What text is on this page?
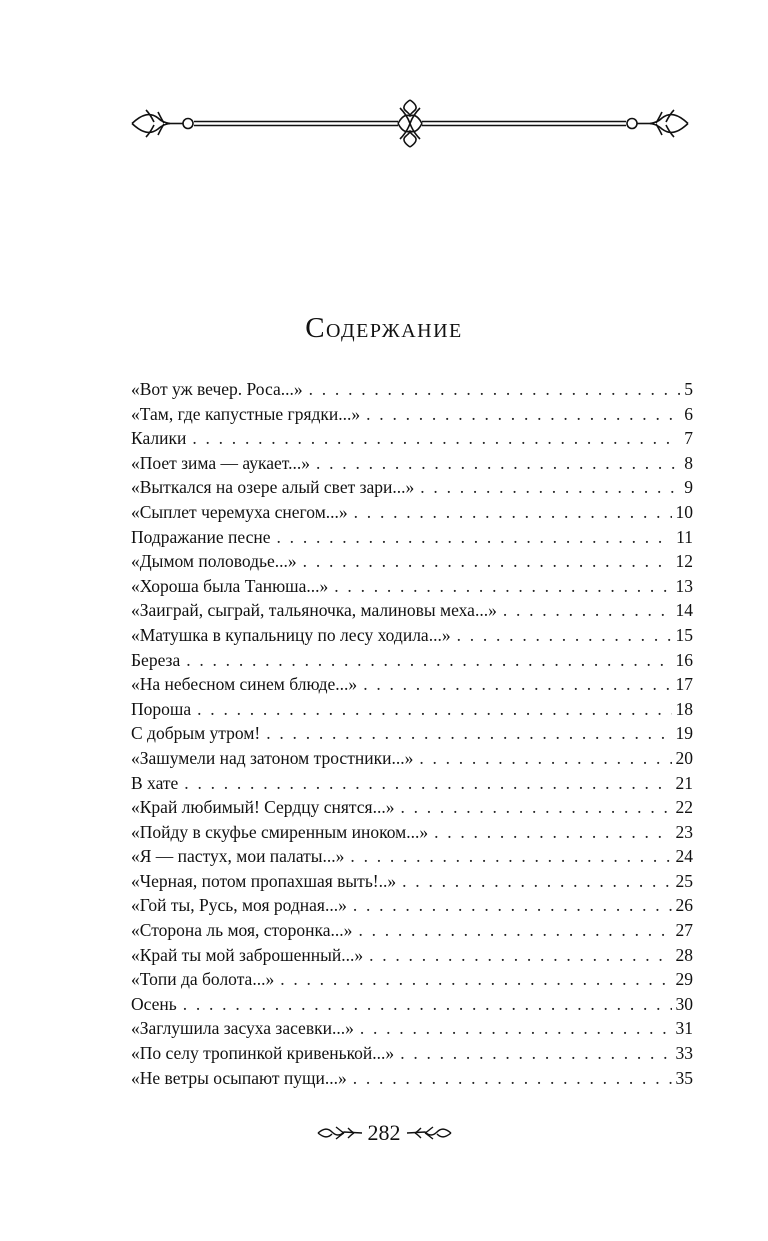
Содержание
«Вот уж вечер. Роса...» . . .	5
«Там, где капустные грядки...» . . .	6
Калики . . .	7
«Поет зима — аукает...» . . .	8
«Выткался на озере алый свет зари...» . . .	9
«Сыплет черемуха снегом...» . . .	10
Подражание песне . . .	11
«Дымом половодье...» . . .	12
«Хороша была Танюша...» . . .	13
«Заиграй, сыграй, тальяночка, малиновы меха...» . . .	14
«Матушка в купальницу по лесу ходила...» . . .	15
Береза . . .	16
«На небесном синем блюде...» . . .	17
Пороша . . .	18
С добрым утром! . . .	19
«Зашумели над затоном тростники...» . . .	20
В хате . . .	21
«Край любимый! Сердцу снятся...» . . .	22
«Пойду в скуфье смиренным иноком...» . . .	23
«Я — пастух, мои палаты...» . . .	24
«Черная, потом пропахшая выть!..» . . .	25
«Гой ты, Русь, моя родная...» . . .	26
«Сторона ль моя, сторонка...» . . .	27
«Край ты мой заброшенный...» . . .	28
«Топи да болота...» . . .	29
Осень . . .	30
«Заглушила засуха засевки...» . . .	31
«По селу тропинкой кривенькой...» . . .	33
«Не ветры осыпают пущи...» . . .	35
282
